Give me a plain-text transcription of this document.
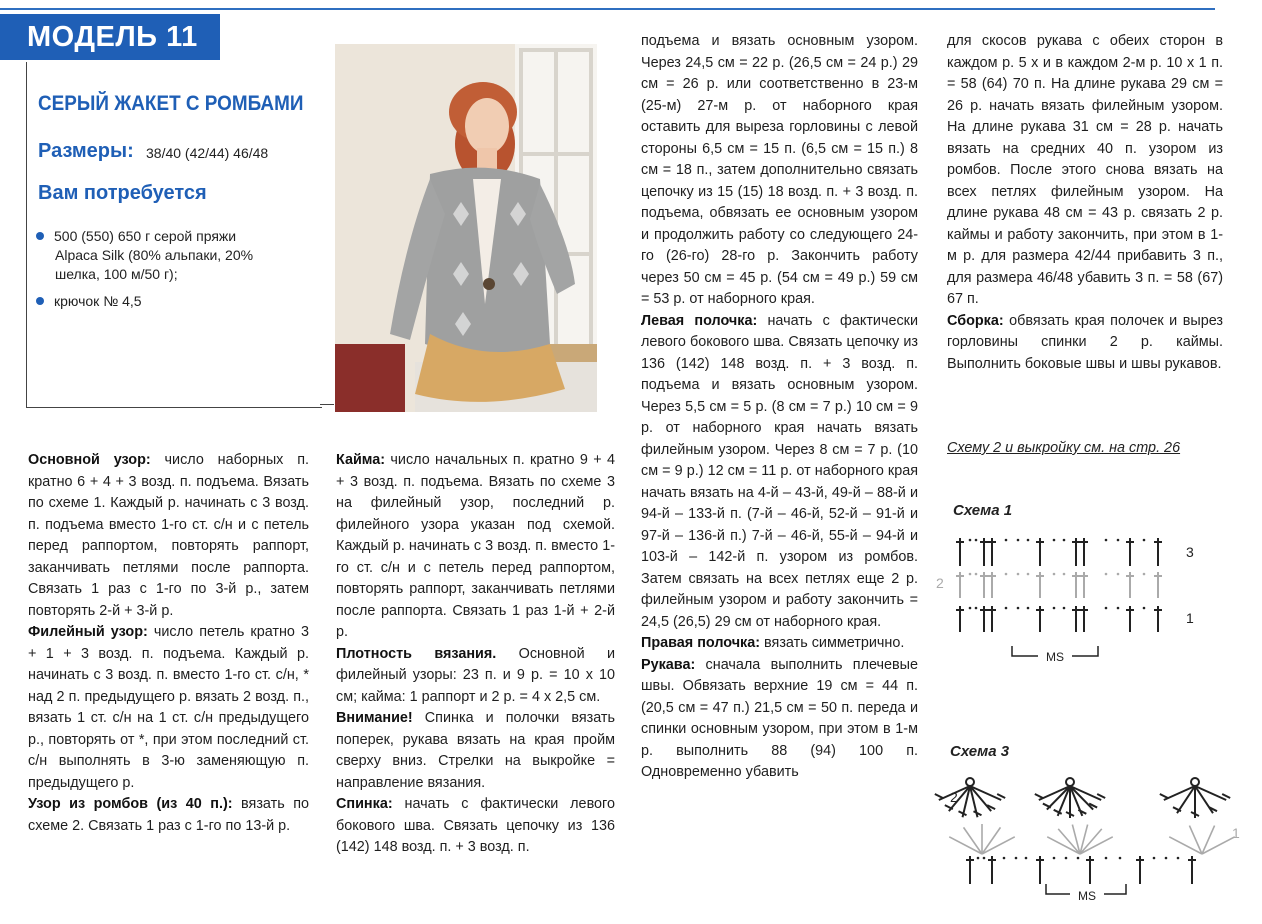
МОДЕЛЬ 11
СЕРЫЙ ЖАКЕТ С РОМБАМИ
Размеры: 38/40 (42/44) 46/48
Вам потребуется
500 (550) 650 г серой пряжи
Alpaca Silk (80% альпаки, 20% шелка, 100 м/50 г);
крючок № 4,5

Основной узор: число наборных п. кратно 6 + 4 + 3 возд. п. подъема. Вязать по схеме 1. Каждый р. начинать с 3 возд. п. подъема вместо 1-го ст. с/н и с петель перед раппортом, повторять раппорт, заканчивать петлями после раппорта. Связать 1 раз с 1-го по 3-й р., затем повторять 2-й + 3-й р.

Филейный узор: число петель кратно 3 + 1 + 3 возд. п. подъема. Каждый р. начинать с 3 возд. п. вместо 1-го ст. с/н, * над 2 п. предыдущего р. вязать 2 возд. п., вязать 1 ст. с/н на 1 ст. с/н предыдущего р., повторять от *, при этом последний ст. с/н выполнять в 3-ю заменяющую п. предыдущего р.

Узор из ромбов (из 40 п.): вязать по схеме 2. Связать 1 раз с 1-го по 13-й р.

Кайма: число начальных п. кратно 9 + 4 + 3 возд. п. подъема. Вязать по схеме 3 на филейный узор, последний р. филейного узора указан под схемой. Каждый р. начинать с 3 возд. п. вместо 1-го ст. с/н и с петель перед раппортом, повторять раппорт, заканчивать петлями после раппорта. Связать 1 раз 1-й + 2-й р.

Плотность вязания. Основной и филейный узоры: 23 п. и 9 р. = 10 х 10 см; кайма: 1 раппорт и 2 р. = 4 х 2,5 см.

Внимание! Спинка и полочки вязать поперек, рукава вязать на края пройм сверху вниз. Стрелки на выкройке = направление вязания.

Спинка: начать с фактически левого бокового шва. Связать цепочку из 136 (142) 148 возд. п. + 3 возд. п.

подъема и вязать основным узором. Через 24,5 см = 22 р. (26,5 см = 24 р.) 29 см = 26 р. или соответственно в 23-м (25-м) 27-м р. от наборного края оставить для выреза горловины с левой стороны 6,5 см = 15 п. (6,5 см = 15 п.) 8 см = 18 п., затем дополнительно связать цепочку из 15 (15) 18 возд. п. + 3 возд. п. подъема, обвязать ее основным узором и продолжить работу со следующего 24-го (26-го) 28-го р. Закончить работу через 50 см = 45 р. (54 см = 49 р.) 59 см = 53 р. от наборного края.

Левая полочка: начать с фактически левого бокового шва. Связать цепочку из 136 (142) 148 возд. п. + 3 возд. п. подъема и вязать основным узором. Через 5,5 см = 5 р. (8 см = 7 р.) 10 см = 9 р. от наборного края начать вязать филейным узором. Через 8 см = 7 р. (10 см = 9 р.) 12 см = 11 р. от наборного края начать вязать на 4-й – 43-й, 49-й – 88-й и 94-й – 133-й п. (7-й – 46-й, 52-й – 91-й и 97-й – 136-й п.) 7-й – 46-й, 55-й – 94-й и 103-й – 142-й п. узором из ромбов. Затем связать на всех петлях еще 2 р. филейным узором и работу закончить = 24,5 (26,5) 29 см от наборного края.

Правая полочка: вязать симметрично.

Рукава: сначала выполнить плечевые швы. Обвязать верхние 19 см = 44 п. (20,5 см = 47 п.) 21,5 см = 50 п. переда и спинки основным узором, при этом в 1-м р. выполнить 88 (94) 100 п. Одновременно убавить

для скосов рукава с обеих сторон в каждом р. 5 х и в каждом 2-м р. 10 х 1 п. = 58 (64) 70 п. На длине рукава 29 см = 26 р. начать вязать филейным узором. На длине рукава 31 см = 28 р. начать вязать на средних 40 п. узором из ромбов. После этого снова вязать на всех петлях филейным узором. На длине рукава 48 см = 43 р. связать 2 р. каймы и работу закончить, при этом в 1-м р. для размера 42/44 прибавить 3 п., для размера 46/48 убавить 3 п. = 58 (67) 67 п.

Сборка: обвязать края полочек и вырез горловины спинки 2 р. каймы. Выполнить боковые швы и швы рукавов.

Схему 2 и выкройку см. на стр. 26
Схема 1
3
2
1
MS
Схема 3
2
1
MS
